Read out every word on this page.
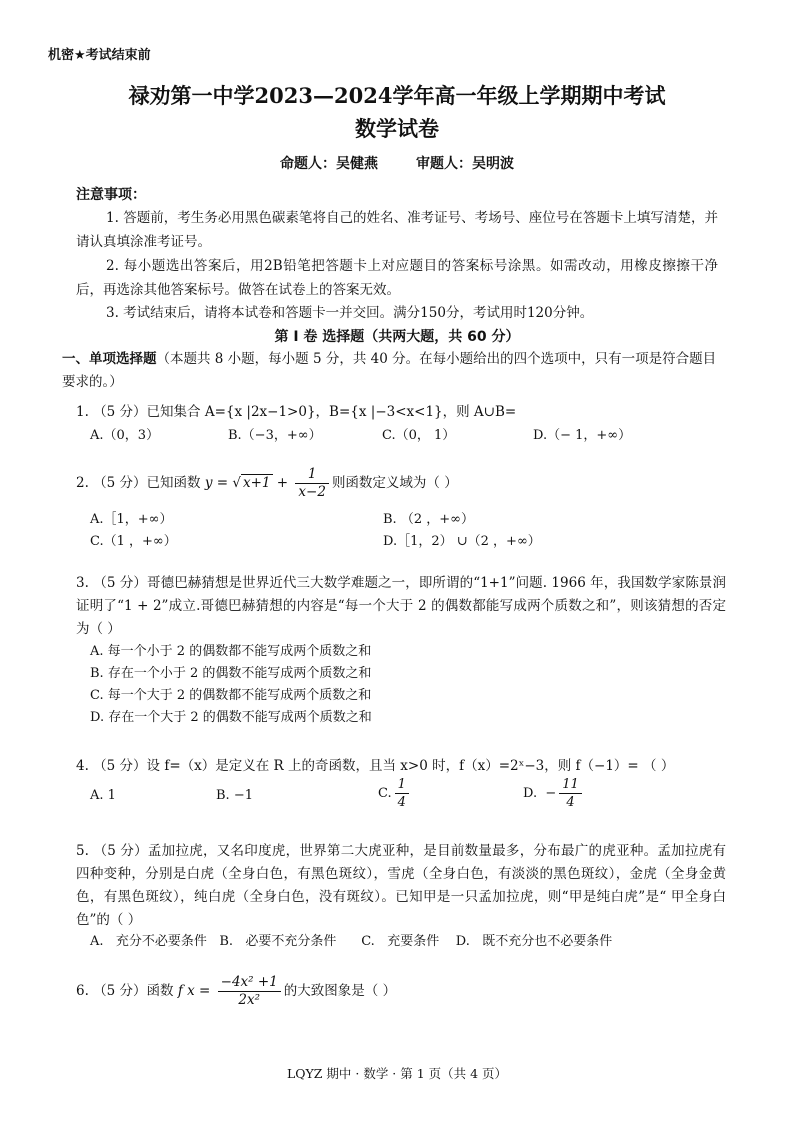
机密★考试结束前
禄劝第一中学2023—2024学年高一年级上学期期中考试
数学试卷
命题人：吴健燕	审题人：吴明波
注意事项：
1. 答题前，考生务必用黑色碳素笔将自己的姓名、准考证号、考场号、座位号在答题卡上填写清楚，并请认真填涂准考证号。
2. 每小题选出答案后，用2B铅笔把答题卡上对应题目的答案标号涂黑。如需改动，用橡皮擦擦干净后，再选涂其他答案标号。做答在试卷上的答案无效。
3. 考试结束后，请将本试卷和答题卡一并交回。满分150分，考试用时120分钟。
第 Ⅰ 卷 选择题（共两大题，共 60 分）
一、单项选择题（本题共 8 小题，每小题 5 分，共 40 分。在每小题给出的四个选项中，只有一项是符合题目要求的。）
1. （5 分）已知集合 A={x |2x−1>0}，B={x |−3<x<1}，则 A∪B=
A.（0，3）	B.（−3，+∞）	C.（0， 1）	D.（− 1，+∞）
2. （5 分）已知函数 y = √ $x+1 + \frac{1}{x-2}$ 则函数定义域为（ ）
A.［1，+∞）	B. （2 ，+∞）
C.（1 ，+∞）	D.［1，2） ∪（2 ，+∞）
3. （5 分）哥德巴赫猜想是世界近代三大数学难题之一，即所谓的“1+1”问题. 1966 年，我国数学家陈景润证明了“1 + 2”成立.哥德巴赫猜想的内容是“每一个大于 2 的偶数都能写成两个质数之和”，则该猜想的否定为（ ）
A. 每一个小于 2 的偶数都不能写成两个质数之和
B. 存在一个小于 2 的偶数不能写成两个质数之和
C. 每一个大于 2 的偶数都不能写成两个质数之和
D. 存在一个大于 2 的偶数不能写成两个质数之和
4. （5 分）设 f=（x）是定义在 R 上的奇函数，且当 x>0 时，f（x）=2ˣ−3，则 f（−1）= （ ）
A. 1	B. −1	C. $\frac{1}{4}$	D. − $\frac{11}{4}$
5. （5 分）孟加拉虎，又名印度虎，世界第二大虎亚种，是目前数量最多，分布最广的虎亚种。孟加拉虎有四种变种，分别是白虎（全身白色，有黑色斑纹），雪虎（全身白色，有淡淡的黑色斑纹），金虎（全身金黄色，有黑色斑纹），纯白虎（全身白色，没有斑纹）。已知甲是一只孟加拉虎，则“甲是纯白虎”是“ 甲全身白色”的（ ）
A.   充分不必要条件   B.   必要不充分条件      C.   充要条件    D.   既不充分也不必要条件
6. （5 分）函数 f $x = \frac{\text{−4x² +1}}{\text{2x²}}$ 的大致图象是（ ）
LQYZ 期中 · 数学 · 第 1 页（共 4 页）
